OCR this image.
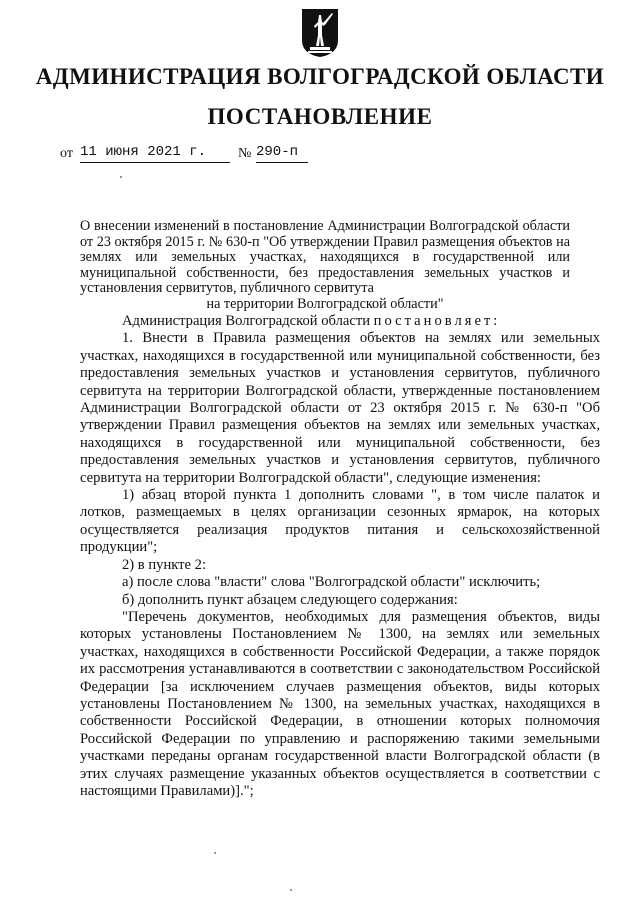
АДМИНИСТРАЦИЯ ВОЛГОГРАДСКОЙ ОБЛАСТИ
ПОСТАНОВЛЕНИЕ
от 11 июня 2021 г.	№ 290-п
О внесении изменений в постановление Администрации Волгоградской области от 23 октября 2015 г. № 630-п "Об утверждении Правил размещения объектов на землях или земельных участках, находящихся в государственной или муниципальной собственности, без предоставления земельных участков и установления сервитутов, публичного сервитута
на территории Волгоградской области"

Администрация Волгоградской области постановляет:

1. Внести в Правила размещения объектов на землях или земельных участках, находящихся в государственной или муниципальной собственности, без предоставления земельных участков и установления сервитутов, публичного сервитута на территории Волгоградской области, утвержденные постановлением Администрации Волгоградской области от 23 октября 2015 г. № 630-п "Об утверждении Правил размещения объектов на землях или земельных участках, находящихся в государственной или муниципальной собственности, без предоставления земельных участков и установления сервитутов, публичного сервитута на территории Волгоградской области", следующие изменения:

1) абзац второй пункта 1 дополнить словами ", в том числе палаток и лотков, размещаемых в целях организации сезонных ярмарок, на которых осуществляется реализация продуктов питания и сельскохозяйственной продукции";

2) в пункте 2:

а) после слова "власти" слова "Волгоградской области" исключить;

б) дополнить пункт абзацем следующего содержания:

"Перечень документов, необходимых для размещения объектов, виды которых установлены Постановлением № 1300, на землях или земельных участках, находящихся в собственности Российской Федерации, а также порядок их рассмотрения устанавливаются в соответствии с законодательством Российской Федерации [за исключением случаев размещения объектов, виды которых установлены Постановлением № 1300, на земельных участках, находящихся в собственности Российской Федерации, в отношении которых полномочия Российской Федерации по управлению и распоряжению такими земельными участками переданы органам государственной власти Волгоградской области (в этих случаях размещение указанных объектов осуществляется в соответствии с настоящими Правилами)].";
